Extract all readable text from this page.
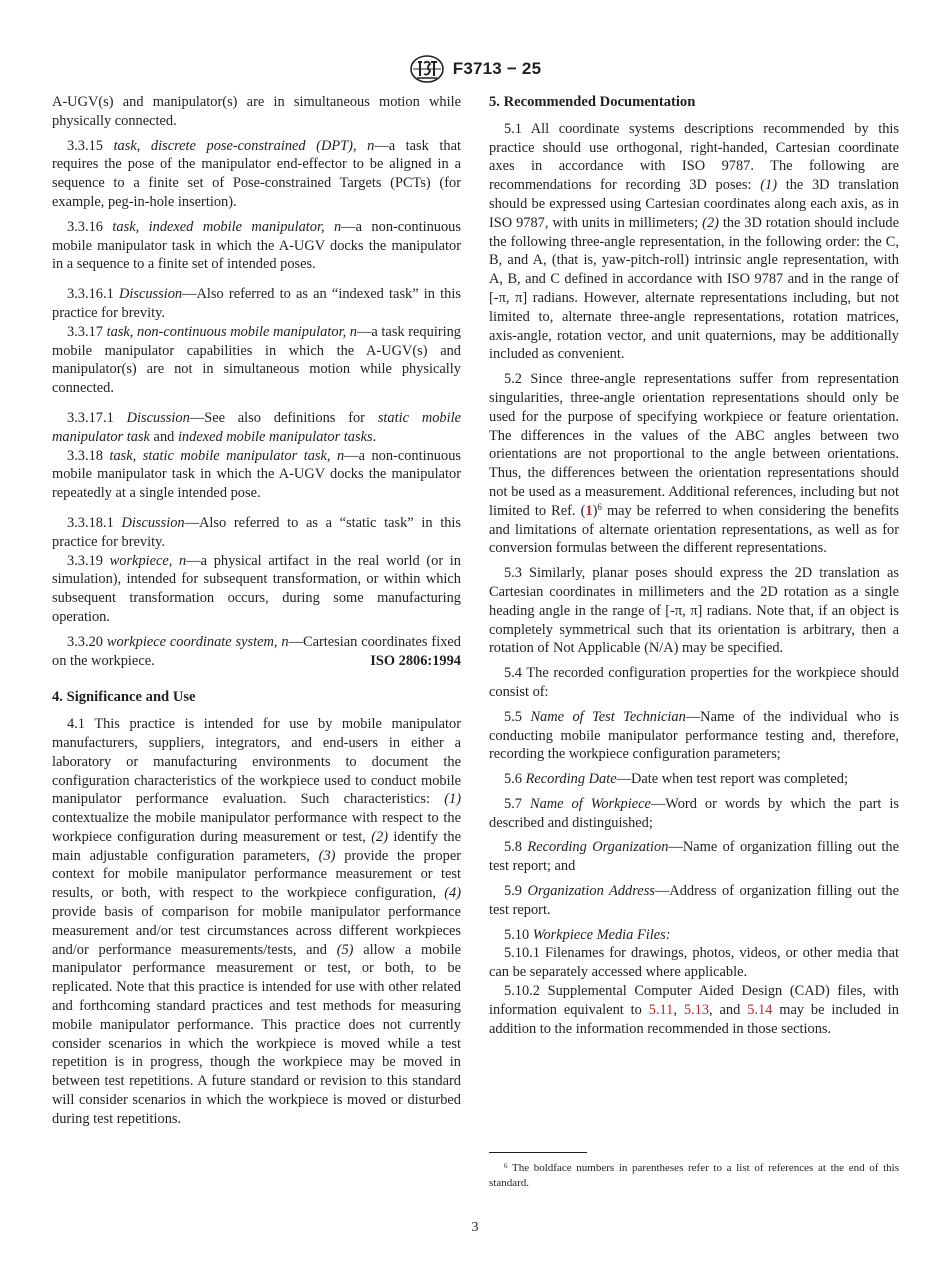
F3713 − 25

A-UGV(s) and manipulator(s) are in simultaneous motion while physically connected.

3.3.15 task, discrete pose-constrained (DPT), n—a task that requires the pose of the manipulator end-effector to be aligned in a sequence to a finite set of Pose-constrained Targets (PCTs) (for example, peg-in-hole insertion).

3.3.16 task, indexed mobile manipulator, n—a non-continuous mobile manipulator task in which the A-UGV docks the manipulator in a sequence to a finite set of intended poses.

3.3.16.1 Discussion—Also referred to as an “indexed task” in this practice for brevity.

3.3.17 task, non-continuous mobile manipulator, n—a task requiring mobile manipulator capabilities in which the A-UGV(s) and manipulator(s) are not in simultaneous motion while physically connected.

3.3.17.1 Discussion—See also definitions for static mobile manipulator task and indexed mobile manipulator tasks.

3.3.18 task, static mobile manipulator task, n—a non-continuous mobile manipulator task in which the A-UGV docks the manipulator repeatedly at a single intended pose.

3.3.18.1 Discussion—Also referred to as a “static task” in this practice for brevity.

3.3.19 workpiece, n—a physical artifact in the real world (or in simulation), intended for subsequent transformation, or within which subsequent transformation occurs, during some manufacturing operation.

3.3.20 workpiece coordinate system, n—Cartesian coordinates fixed on the workpiece.	ISO 2806:1994

4. Significance and Use

4.1 This practice is intended for use by mobile manipulator manufacturers, suppliers, integrators, and end-users in either a laboratory or manufacturing environments to document the configuration characteristics of the workpiece used to conduct mobile manipulator performance evaluation. Such characteristics: (1) contextualize the mobile manipulator performance with respect to the workpiece configuration during measurement or test, (2) identify the main adjustable configuration parameters, (3) provide the proper context for mobile manipulator performance measurement or test results, or both, with respect to the workpiece configuration, (4) provide basis of comparison for mobile manipulator performance measurement and/or test circumstances across different workpieces and/or performance measurements/tests, and (5) allow a mobile manipulator performance measurement or test, or both, to be replicated. Note that this practice is intended for use with other related and forthcoming standard practices and test methods for measuring mobile manipulator performance. This practice does not currently consider scenarios in which the workpiece is moved while a test repetition is in progress, though the workpiece may be moved in between test repetitions. A future standard or revision to this standard will consider scenarios in which the workpiece is moved or disturbed during test repetitions.

5. Recommended Documentation

5.1 All coordinate systems descriptions recommended by this practice should use orthogonal, right-handed, Cartesian coordinate axes in accordance with ISO 9787. The following are recommendations for recording 3D poses: (1) the 3D translation should be expressed using Cartesian coordinates along each axis, as in ISO 9787, with units in millimeters; (2) the 3D rotation should include the following three-angle representation, in the following order: the C, B, and A, (that is, yaw-pitch-roll) intrinsic angle representation, with A, B, and C defined in accordance with ISO 9787 and in the range of [-π, π] radians. However, alternate representations including, but not limited to, alternate three-angle representations, rotation matrices, axis-angle, rotation vector, and unit quaternions, may be additionally included as convenient.

5.2 Since three-angle representations suffer from representation singularities, three-angle orientation representations should only be used for the purpose of specifying workpiece or feature orientation. The differences in the values of the ABC angles between two orientations are not proportional to the angle between orientations. Thus, the differences between the orientation representations should not be used as a measurement. Additional references, including but not limited to Ref. $(1)^6$ may be referred to when considering the benefits and limitations of alternate orientation representations, as well as for conversion formulas between the different representations.

5.3 Similarly, planar poses should express the 2D translation as Cartesian coordinates in millimeters and the 2D rotation as a single heading angle in the range of [-π, π] radians. Note that, if an object is completely symmetrical such that its orientation is arbitrary, then a rotation of Not Applicable (N/A) may be specified.

5.4 The recorded configuration properties for the workpiece should consist of:

5.5 Name of Test Technician—Name of the individual who is conducting mobile manipulator performance testing and, therefore, recording the workpiece configuration parameters;

5.6 Recording Date—Date when test report was completed;

5.7 Name of Workpiece—Word or words by which the part is described and distinguished;

5.8 Recording Organization—Name of organization filling out the test report; and

5.9 Organization Address—Address of organization filling out the test report.

5.10 Workpiece Media Files:

5.10.1 Filenames for drawings, photos, videos, or other media that can be separately accessed where applicable.

5.10.2 Supplemental Computer Aided Design (CAD) files, with information equivalent to 5.11, 5.13, and 5.14 may be included in addition to the information recommended in those sections.

$^6$ The boldface numbers in parentheses refer to a list of references at the end of this standard.
3
